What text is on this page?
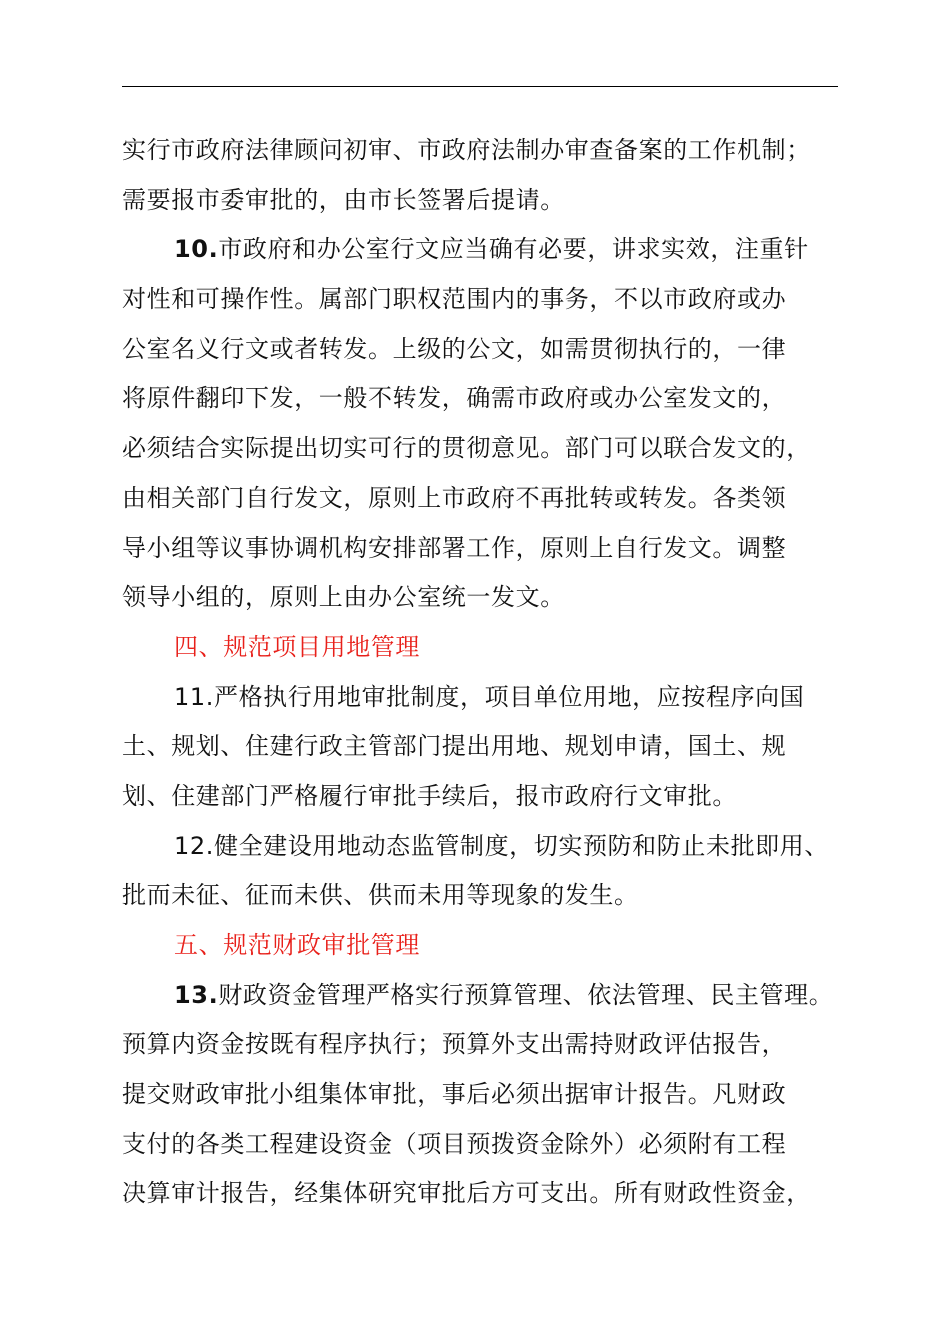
实行市政府法律顾问初审、市政府法制办审查备案的工作机制；
需要报市委审批的，由市长签署后提请。
10.市政府和办公室行文应当确有必要，讲求实效，注重针
对性和可操作性。属部门职权范围内的事务，不以市政府或办
公室名义行文或者转发。上级的公文，如需贯彻执行的，一律
将原件翻印下发，一般不转发，确需市政府或办公室发文的，
必须结合实际提出切实可行的贯彻意见。部门可以联合发文的，
由相关部门自行发文，原则上市政府不再批转或转发。各类领
导小组等议事协调机构安排部署工作，原则上自行发文。调整
领导小组的，原则上由办公室统一发文。
四、规范项目用地管理
11.严格执行用地审批制度，项目单位用地，应按程序向国
土、规划、住建行政主管部门提出用地、规划申请，国土、规
划、住建部门严格履行审批手续后，报市政府行文审批。
12.健全建设用地动态监管制度，切实预防和防止未批即用、
批而未征、征而未供、供而未用等现象的发生。
五、规范财政审批管理
13.财政资金管理严格实行预算管理、依法管理、民主管理。
预算内资金按既有程序执行；预算外支出需持财政评估报告，
提交财政审批小组集体审批，事后必须出据审计报告。凡财政
支付的各类工程建设资金（项目预拨资金除外）必须附有工程
决算审计报告，经集体研究审批后方可支出。所有财政性资金，
